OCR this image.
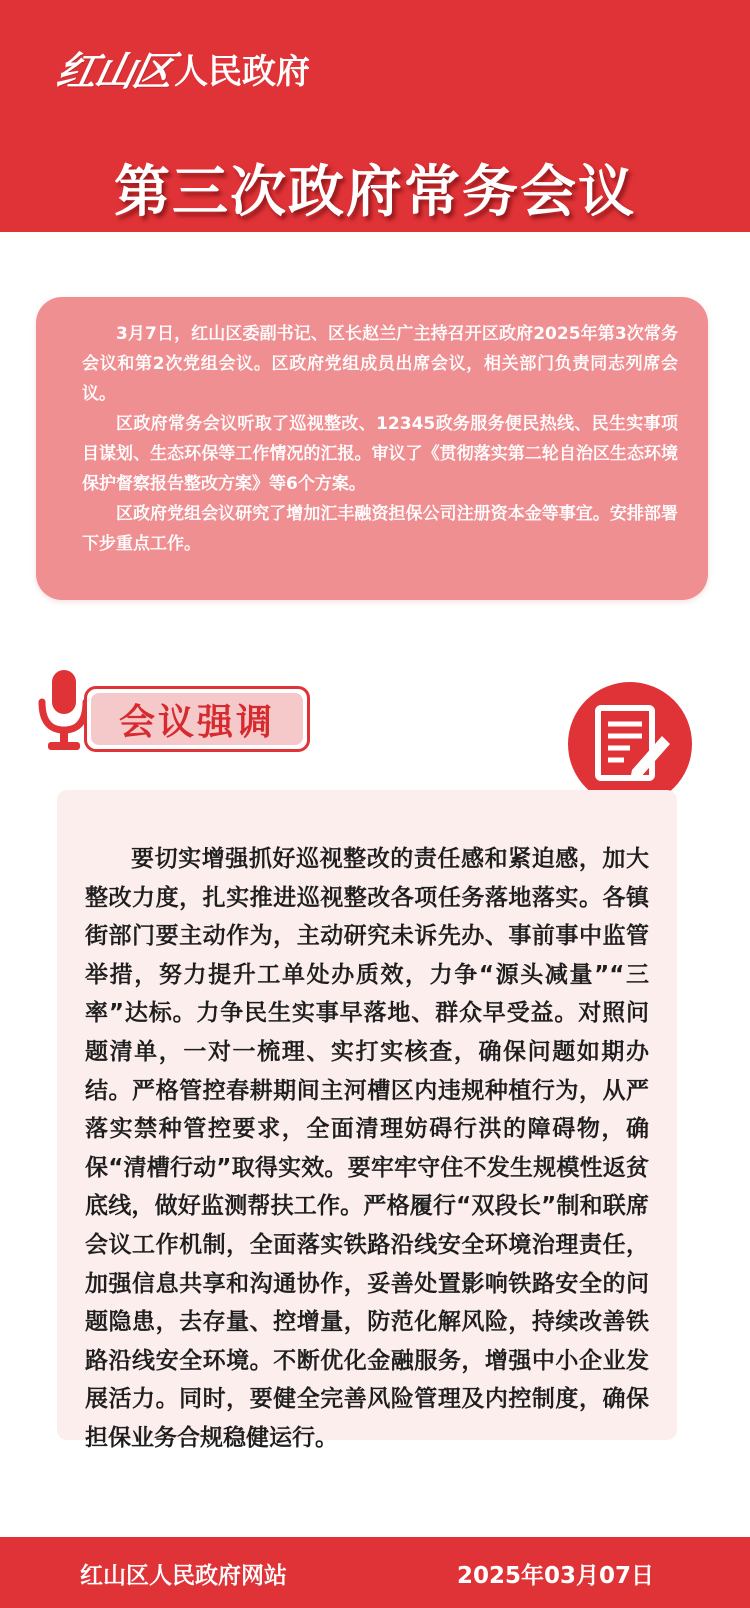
红山区
人民政府
第三次政府常务会议

3月7日，红山区委副书记、区长赵兰广主持召开区政府2025年第3次常务会议和第2次党组会议。区政府党组成员出席会议，相关部门负责同志列席会议。

区政府常务会议听取了巡视整改、12345政务服务便民热线、民生实事项目谋划、生态环保等工作情况的汇报。审议了《贯彻落实第二轮自治区生态环境保护督察报告整改方案》等6个方案。

区政府党组会议研究了增加汇丰融资担保公司注册资本金等事宜。安排部署下步重点工作。

会议强调

要切实增强抓好巡视整改的责任感和紧迫感，加大整改力度，扎实推进巡视整改各项任务落地落实。各镇街部门要主动作为，主动研究未诉先办、事前事中监管举措，努力提升工单处办质效，力争“源头减量”“三率”达标。力争民生实事早落地、群众早受益。对照问题清单，一对一梳理、实打实核查，确保问题如期办结。严格管控春耕期间主河槽区内违规种植行为，从严落实禁种管控要求，全面清理妨碍行洪的障碍物，确保“清槽行动”取得实效。要牢牢守住不发生规模性返贫底线，做好监测帮扶工作。严格履行“双段长”制和联席会议工作机制，全面落实铁路沿线安全环境治理责任，加强信息共享和沟通协作，妥善处置影响铁路安全的问题隐患，去存量、控增量，防范化解风险，持续改善铁路沿线安全环境。不断优化金融服务，增强中小企业发展活力。同时，要健全完善风险管理及内控制度，确保担保业务合规稳健运行。

红山区人民政府网站	2025年03月07日
